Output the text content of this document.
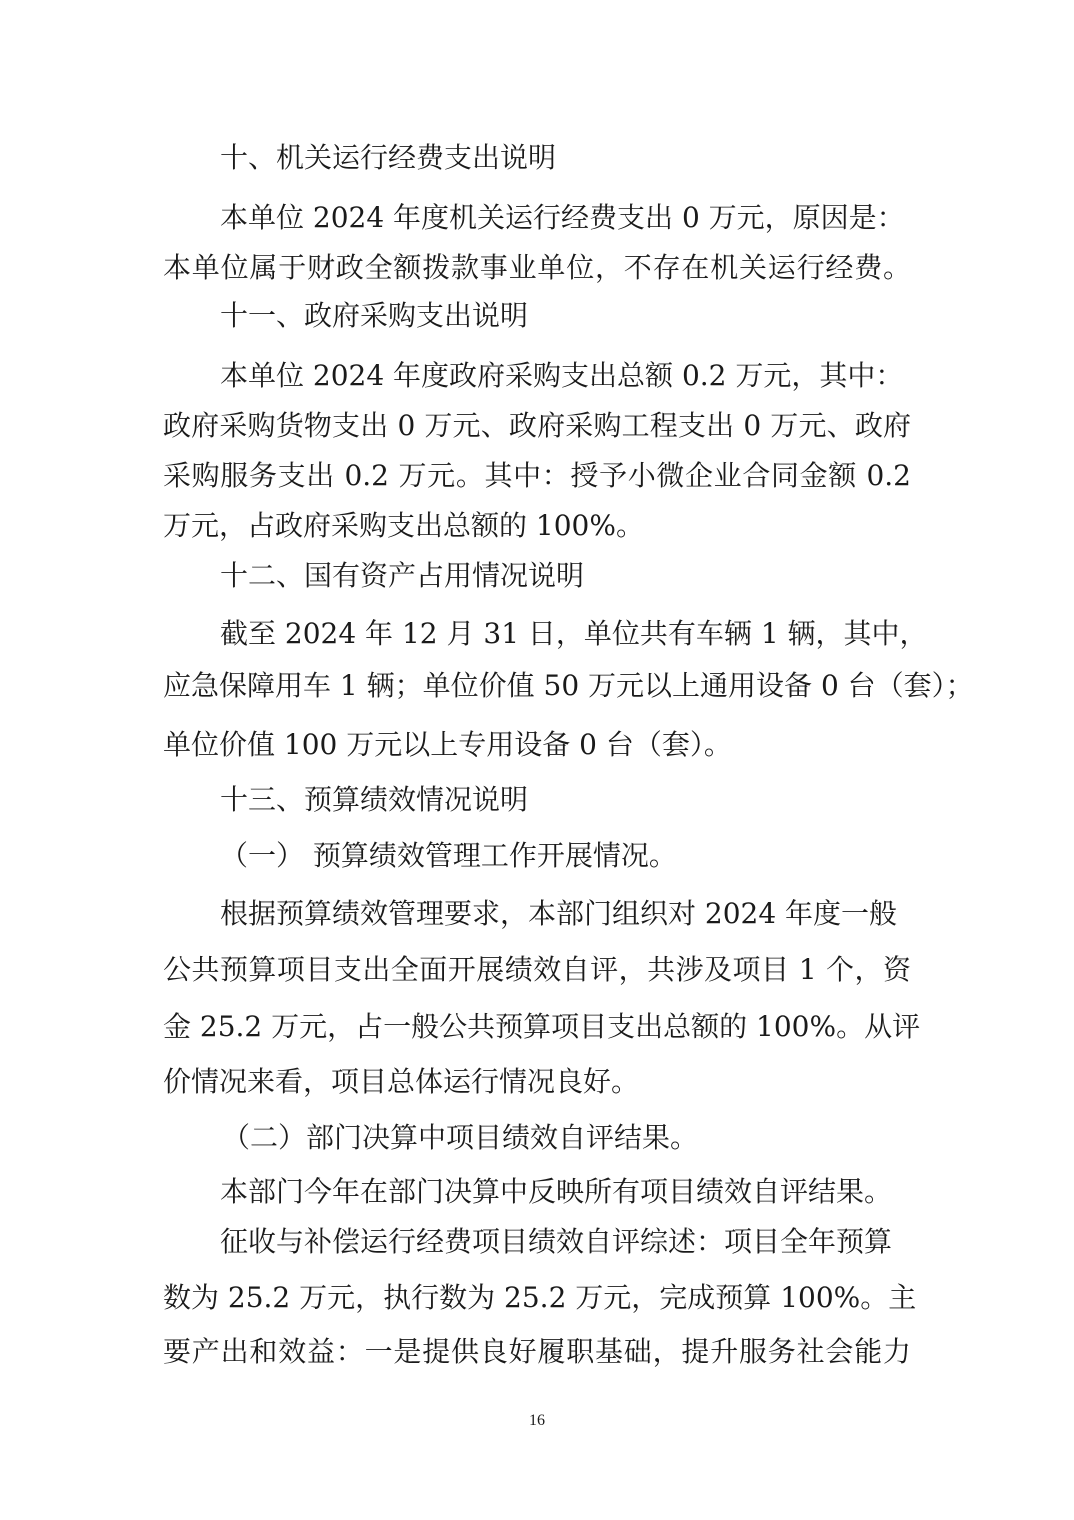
十、机关运行经费支出说明
本单位 2024 年度机关运行经费支出 0 万元，原因是：
本单位属于财政全额拨款事业单位，不存在机关运行经费。
十一、政府采购支出说明
本单位 2024 年度政府采购支出总额 0.2 万元，其中：
政府采购货物支出 0 万元、政府采购工程支出 0 万元、政府
采购服务支出 0.2 万元。其中：授予小微企业合同金额 0.2
万元，占政府采购支出总额的 100%。
十二、国有资产占用情况说明
截至 2024 年 12 月 31 日，单位共有车辆 1 辆，其中，
应急保障用车 1 辆；单位价值 50 万元以上通用设备 0 台（套）；
单位价值 100 万元以上专用设备 0 台（套）。
十三、预算绩效情况说明
（一） 预算绩效管理工作开展情况。
根据预算绩效管理要求，本部门组织对 2024 年度一般
公共预算项目支出全面开展绩效自评，共涉及项目 1 个，资
金 25.2 万元，占一般公共预算项目支出总额的 100%。从评
价情况来看，项目总体运行情况良好。
（二）部门决算中项目绩效自评结果。
本部门今年在部门决算中反映所有项目绩效自评结果。
征收与补偿运行经费项目绩效自评综述：项目全年预算
数为 25.2 万元，执行数为 25.2 万元，完成预算 100%。主
要产出和效益：一是提供良好履职基础，提升服务社会能力
16
